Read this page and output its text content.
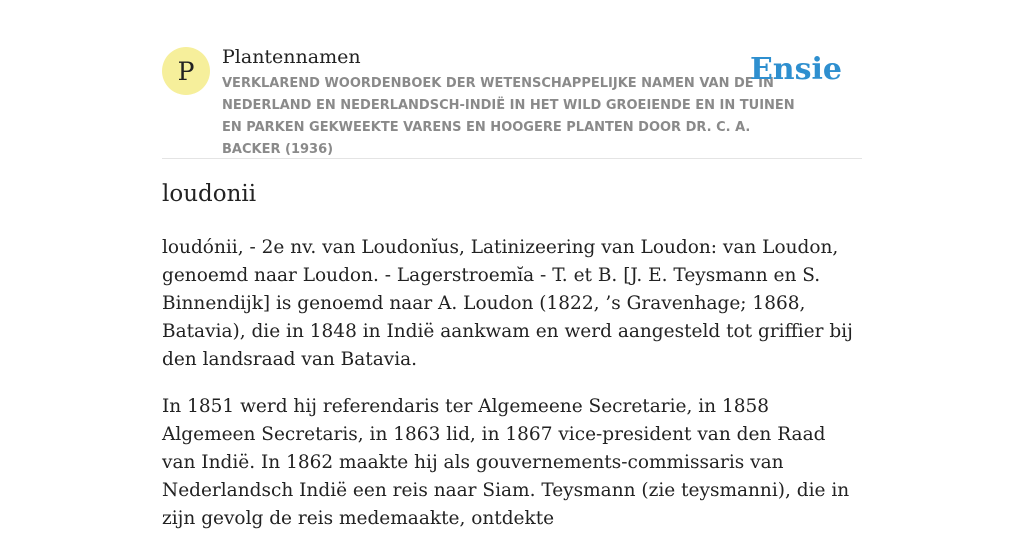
P Plantennamen
VERKLAREND WOORDENBOEK DER WETENSCHAPPELIJKE NAMEN VAN DE IN NEDERLAND EN NEDERLANDSCH-INDIË IN HET WILD GROEIENDE EN IN TUINEN EN PARKEN GEKWEEKTE VARENS EN HOOGERE PLANTEN DOOR DR. C. A. BACKER (1936)
Ensie
loudonii

loudónii, - 2e nv. van Loudonĭus, Latinizeering van Loudon: van Loudon, genoemd naar Loudon. - Lagerstroemĭa - T. et B. [J. E. Teysmann en S. Binnendijk] is genoemd naar A. Loudon (1822, ’s Gravenhage; 1868, Batavia), die in 1848 in Indië aankwam en werd aangesteld tot griffier bij den landsraad van Batavia.

In 1851 werd hij referendaris ter Algemeene Secretarie, in 1858 Algemeen Secretaris, in 1863 lid, in 1867 vice-president van den Raad van Indië. In 1862 maakte hij als gouvernements-commissaris van Nederlandsch Indië een reis naar Siam. Teysmann (zie teysmanni), die in zijn gevolg de reis medemaakte, ontdekte
